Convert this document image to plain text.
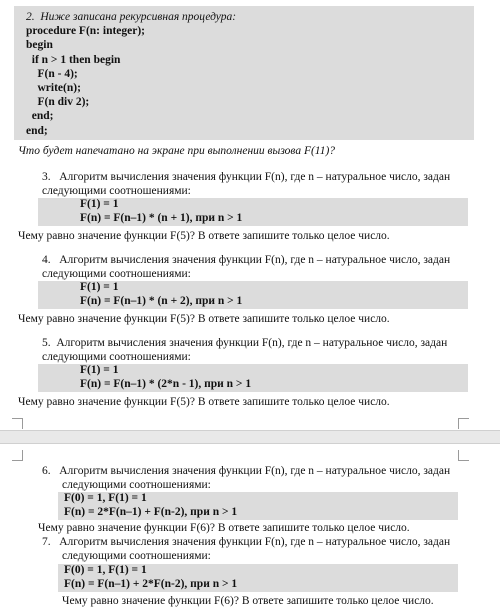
2.  Ниже записана рекурсивная процедура:
procedure F(n: integer);
begin
if n > 1 then begin
F(n - 4);
write(n);
F(n div 2);
end;
end;
Что будет напечатано на экране при выполнении вызова F(11)?
3.   Алгоритм вычисления значения функции F(n), где n – натуральное число, задан
следующими соотношениями:
F(1) = 1
F(n) = F(n–1) * (n + 1), при n > 1
Чему равно значение функции F(5)? В ответе запишите только целое число.
4.   Алгоритм вычисления значения функции F(n), где n – натуральное число, задан
следующими соотношениями:
F(1) = 1
F(n) = F(n–1) * (n + 2), при n > 1
Чему равно значение функции F(5)? В ответе запишите только целое число.
5.  Алгоритм вычисления значения функции F(n), где n – натуральное число, задан
следующими соотношениями:
F(1) = 1
F(n) = F(n–1) * (2*n - 1), при n > 1
Чему равно значение функции F(5)? В ответе запишите только целое число.
6.   Алгоритм вычисления значения функции F(n), где n – натуральное число, задан
следующими соотношениями:
F(0) = 1, F(1) = 1
F(n) = 2*F(n–1) + F(n-2), при n > 1
Чему равно значение функции F(6)? В ответе запишите только целое число.
7.   Алгоритм вычисления значения функции F(n), где n – натуральное число, задан
следующими соотношениями:
F(0) = 1, F(1) = 1
F(n) = F(n–1) + 2*F(n-2), при n > 1
Чему равно значение функции F(6)? В ответе запишите только целое число.
